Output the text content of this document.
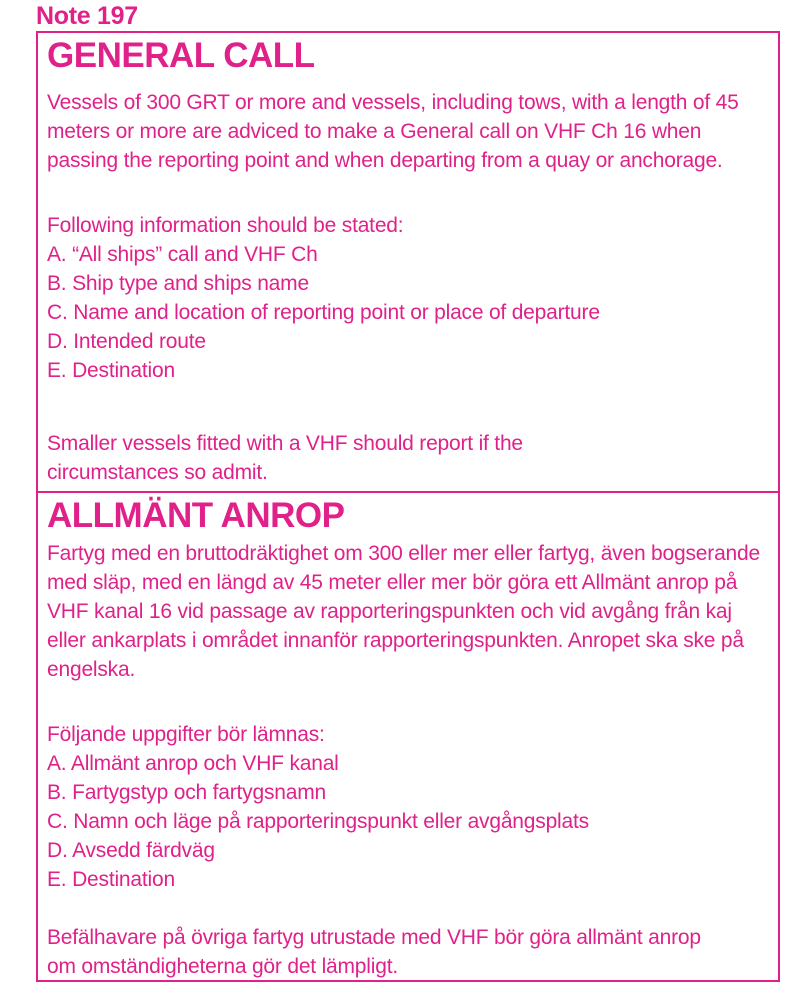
Note 197
GENERAL CALL

Vessels of 300 GRT or more and vessels, including tows, with a length of 45 meters or more are adviced to make a General call on VHF Ch 16 when passing the reporting point and when departing from a quay or anchorage.

Following information should be stated:

A. “All ships” call and VHF Ch
B. Ship type and ships name
C. Name and location of reporting point or place of departure
D. Intended route
E. Destination

Smaller vessels fitted with a VHF should report if the circumstances so admit.

ALLMÄNT ANROP

Fartyg med en bruttodräktighet om 300 eller mer eller fartyg, även bogserande med släp, med en längd av 45 meter eller mer bör göra ett Allmänt anrop på VHF kanal 16 vid passage av rapporteringspunkten och vid avgång från kaj eller ankarplats i området innanför rapporteringspunkten. Anropet ska ske på engelska.

Följande uppgifter bör lämnas:

A. Allmänt anrop och VHF kanal
B. Fartygstyp och fartygsnamn
C. Namn och läge på rapporteringspunkt eller avgångsplats
D. Avsedd färdväg
E. Destination

Befälhavare på övriga fartyg utrustade med VHF bör göra allmänt anrop om omständigheterna gör det lämpligt.
